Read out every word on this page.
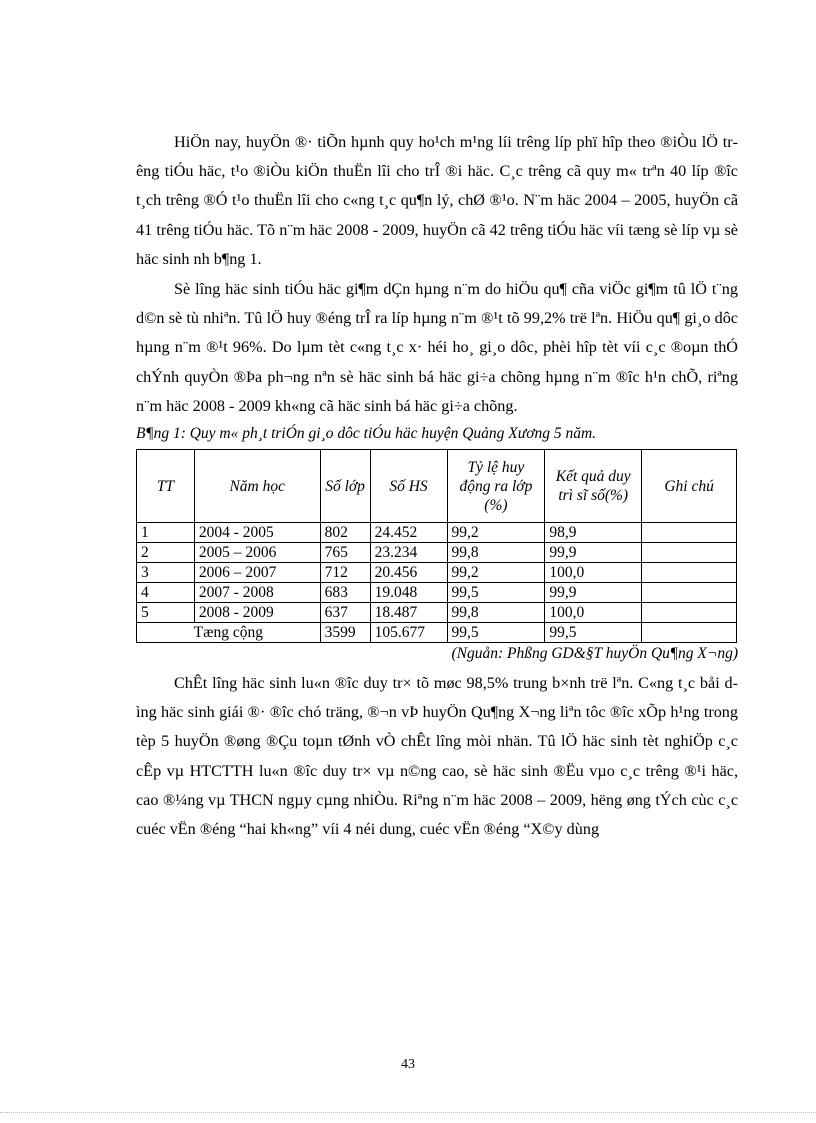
HiÖn nay, huyÖn ®· tiÕn hµnh quy ho¹ch m¹ng líi trêng líp phï hîp theo ®iÒu lÖ trêng tiÓu häc, t¹o ®iÒu kiÖn thuËn lîi cho trÎ ®i häc. C¸c trêng cã quy m« trªn 40 líp ®îc t¸ch trêng ®Ó t¹o thuËn lîi cho c«ng t¸c qu¶n lý, chØ ®¹o. N¨m häc 2004 – 2005, huyÖn cã 41 trêng tiÓu häc. Tõ n¨m häc 2008 - 2009, huyÖn cã 42 trêng tiÓu häc víi tæng sè líp vµ sè häc sinh nh b¶ng 1.

Sè lîng häc sinh tiÓu häc gi¶m dÇn hµng n¨m do hiÖu qu¶ cña viÖc gi¶m tû lÖ t¨ng d©n sè tù nhiªn. Tû lÖ huy ®éng trÎ ra líp hµng n¨m ®¹t tõ 99,2% trë lªn. HiÖu qu¶ gi¸o dôc hµng n¨m ®¹t 96%. Do lµm tèt c«ng t¸c x· héi ho¸ gi¸o dôc, phèi hîp tèt víi c¸c ®oµn thÓ chÝnh quyÒn ®Þa ph¬ng nªn sè häc sinh bá häc gi÷a chõng hµng n¨m ®îc h¹n chÕ, riªng n¨m häc 2008 - 2009 kh«ng cã häc sinh bá häc gi÷a chõng.

B¶ng 1: Quy m« ph¸t triÓn gi¸o dôc tiÓu häc huyện Quảng Xương 5 năm.

TT	Năm học	Số lớp	Số HS	Tỷ lệ huy động ra lớp (%)	Kết quả duy trì sĩ số(%)	Ghi chú
1	2004 - 2005	802	24.452	99,2	98,9	
2	2005 – 2006	765	23.234	99,8	99,9	
3	2006 – 2007	712	20.456	99,2	100,0	
4	2007 - 2008	683	19.048	99,5	99,9	
5	2008 - 2009	637	18.487	99,8	100,0	
Tæng cộng		3599	105.677	99,5	99,5	
(Nguån: Phßng GD&§T huyÖn Qu¶ng X¬ng)

ChÊt lîng häc sinh lu«n ®îc duy tr× tõ møc 98,5% trung b×nh trë lªn. C«ng t¸c båi dìng häc sinh giái ®· ®îc chó träng, ®¬n vÞ huyÖn Qu¶ng X¬ng liªn tôc ®îc xÕp h¹ng trong tèp 5 huyÖn ®øng ®Çu toµn tØnh vÒ chÊt lîng mòi nhän. Tû lÖ häc sinh tèt nghiÖp c¸c cÊp vµ HTCTTH lu«n ®îc duy tr× vµ n©ng cao, sè häc sinh ®Ëu vµo c¸c trêng ®¹i häc, cao ®¼ng vµ THCN ngµy cµng nhiÒu. Riªng n¨m häc 2008 – 2009, hëng øng tÝch cùc c¸c cuéc vËn ®éng “hai kh«ng” víi 4 néi dung, cuéc vËn ®éng “X©y dùng

43
